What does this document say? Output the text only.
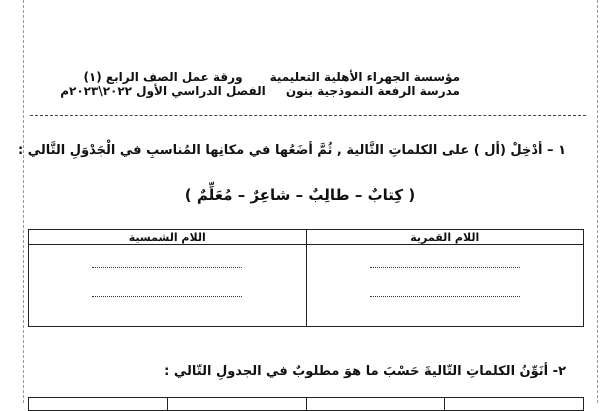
مؤسسة الجهراء الأهلية التعليمية
مدرسة الرفعة النموذجية بنون
ورقة عمل الصف الرابع (١)
الفصل الدراسي الأول ٢٠٢٢\٢٠٢٣م
١ – أدْخِلْ (أل ) على الكلماتِ التَّالية , ثُمَّ أضَعُها في مكانِها المُناسبِ في الْجَدْوَلِ التَّالي :
( كِتابٌ – طالِبٌ – شاعِرٌ – مُعَلِّمٌ )
اللام القمرية	اللام الشمسية

٢- أنَوِّنُ الكلماتِ التّاليةَ حَسْبَ ما هوَ مطلوبٌ في الجدولِ التّالي :
